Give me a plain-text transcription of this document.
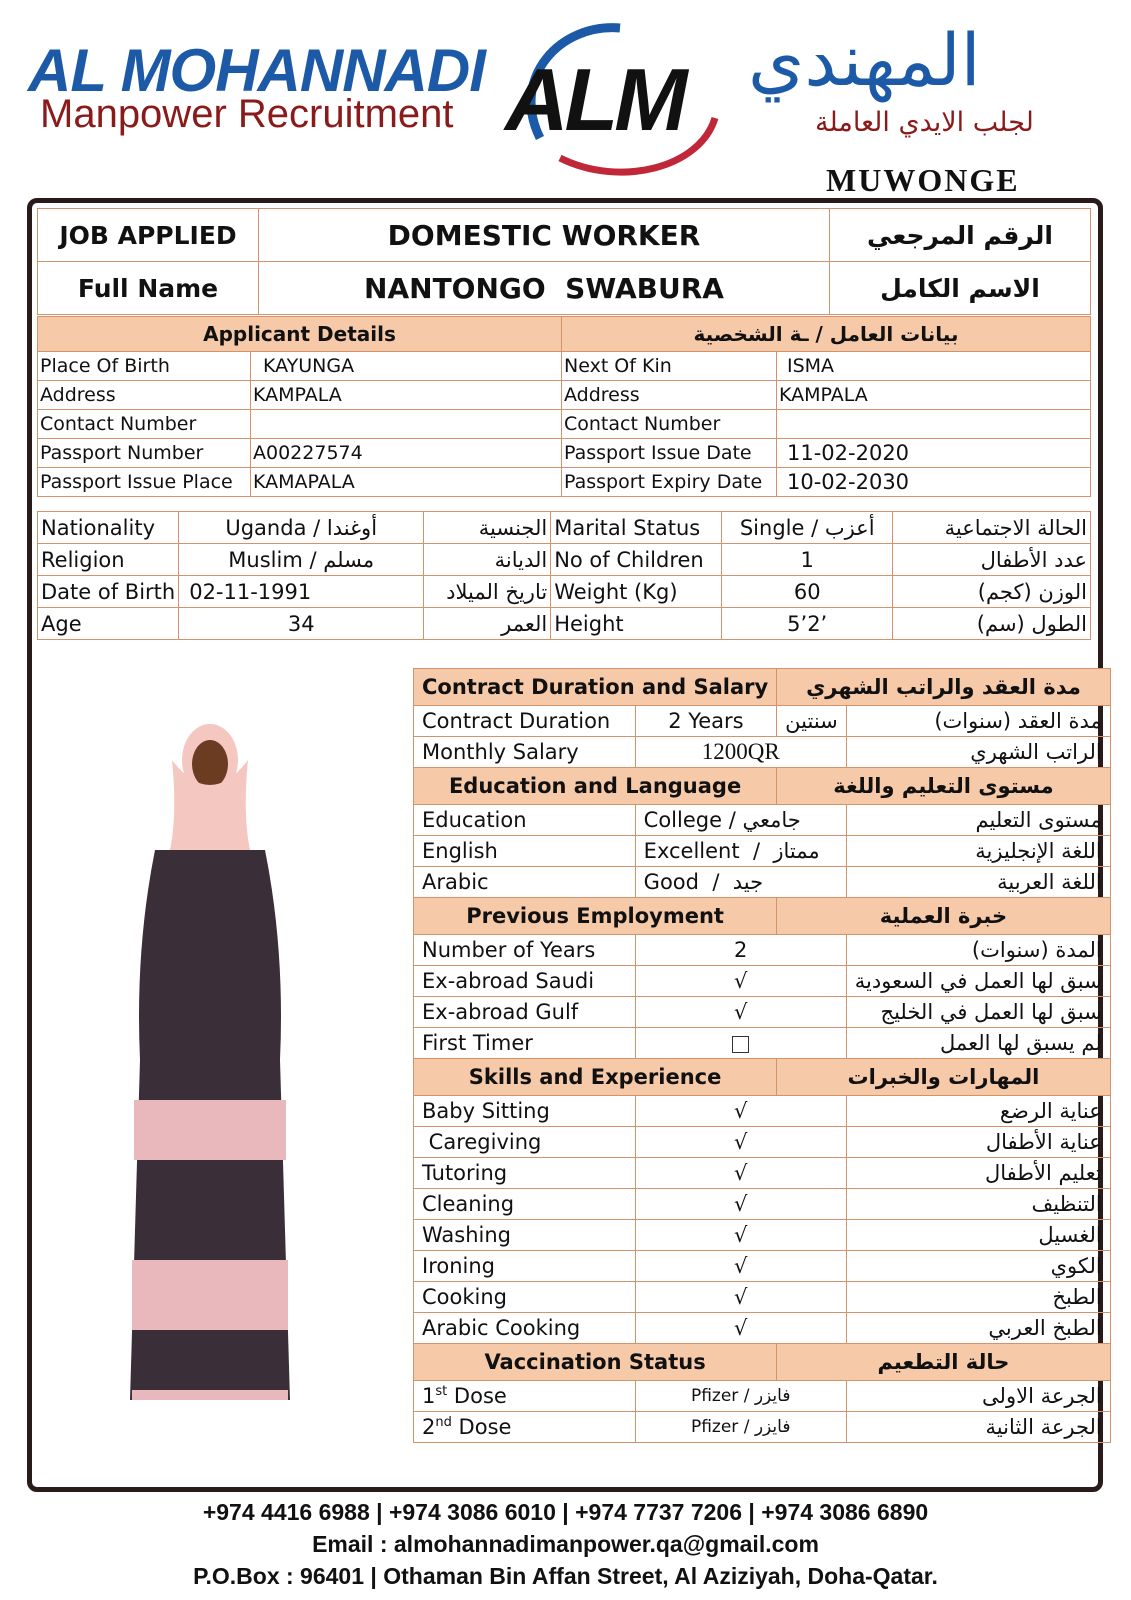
AL MOHANNADI
Manpower Recruitment ALM المهندي
لجلب الايدي العاملة
MUWONGE
JOB APPLIED	DOMESTIC WORKER	الرقم المرجعي
Full Name	NANTONGO  SWABURA	الاسم الكامل
Applicant Details		بيانات العامل / ـة الشخصية	
Place Of Birth	KAYUNGA	Next Of Kin	ISMA
Address	KAMPALA	Address	KAMPALA
Contact Number		Contact Number	
Passport Number	A00227574	Passport Issue Date	11-02-2020
Passport Issue Place	KAMAPALA	Passport Expiry Date	10-02-2030
Nationality	Uganda / أوغندا	الجنسية	Marital Status	Single / أعزب	الحالة الاجتماعية
Religion	Muslim / مسلم	الديانة	No of Children	1	عدد الأطفال
Date of Birth	02-11-1991	تاريخ الميلاد	Weight (Kg)	60	الوزن (كجم)
Age	34	العمر	Height	5’2’	الطول (سم)
Contract Duration and Salary		مدة العقد والراتب الشهري	
Contract Duration	2 Years	سنتين	مدة العقد (سنوات)
Monthly Salary	1200QR		الراتب الشهري
Education and Language		مستوى التعليم واللغة	
Education	College / جامعي		مستوى التعليم
English	Excellent  /  ممتاز		اللغة الإنجليزية
Arabic	Good  /  جيد		اللغة العربية
Previous Employment		خبرة العملية	
Number of Years	2		المدة (سنوات)
Ex-abroad Saudi	√		سبق لها العمل في السعودية
Ex-abroad Gulf	√		سبق لها العمل في الخليج
First Timer			لم يسبق لها العمل
Skills and Experience		المهارات والخبرات	
Baby Sitting	√		عناية الرضع
Caregiving	√		عناية الأطفال
Tutoring	√		تعليم الأطفال
Cleaning	√		التنظيف
Washing	√		الغسيل
Ironing	√		الكوي
Cooking	√		الطبخ
Arabic Cooking	√		الطبخ العربي
Vaccination Status		حالة التطعيم	
1st Dose	Pfizer / فايزر		الجرعة الاولى
2nd Dose	Pfizer / فايزر		الجرعة الثانية
+974 4416 6988 | +974 3086 6010 | +974 7737 7206 | +974 3086 6890
Email : almohannadimanpower.qa@gmail.com
P.O.Box : 96401 | Othaman Bin Affan Street, Al Aziziyah, Doha-Qatar.
